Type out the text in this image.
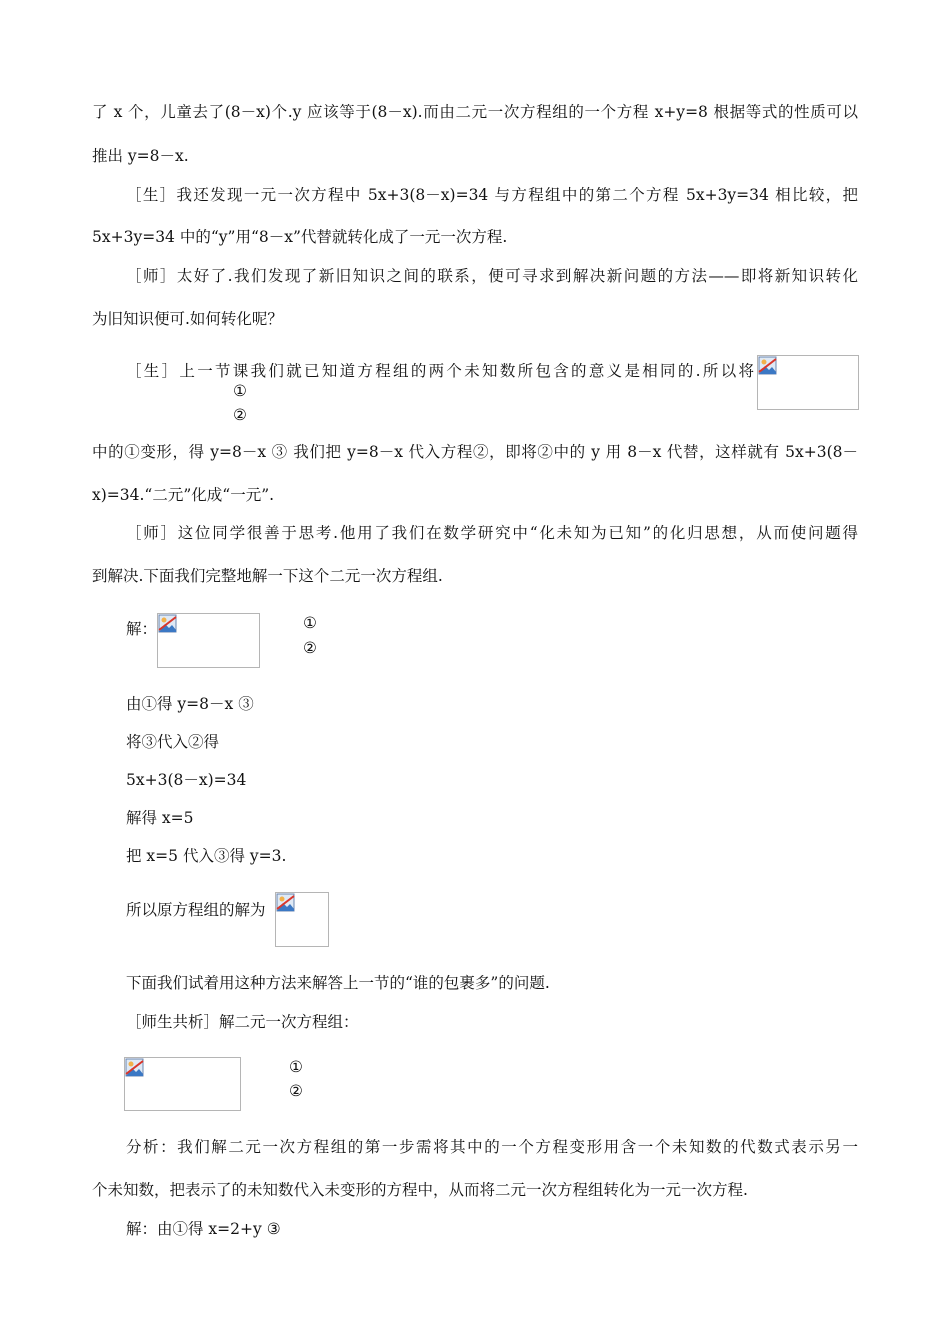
了 x 个，儿童去了(8－x)个.y 应该等于(8－x).而由二元一次方程组的一个方程 x+y=8 根据等式的性质可以
推出 y=8－x.
［生］我还发现一元一次方程中 5x+3(8－x)=34 与方程组中的第二个方程 5x+3y=34 相比较，把
5x+3y=34 中的“y”用“8－x”代替就转化成了一元一次方程.
［师］太好了.我们发现了新旧知识之间的联系，便可寻求到解决新问题的方法——即将新知识转化
为旧知识便可.如何转化呢？
［生］上一节课我们就已知道方程组的两个未知数所包含的意义是相同的.所以将
①
②
中的①变形，得 y=8－x ③ 我们把 y=8－x 代入方程②，即将②中的 y 用 8－x 代替，这样就有 5x+3(8－
x)=34.“二元”化成“一元”.
［师］这位同学很善于思考.他用了我们在数学研究中“化未知为已知”的化归思想，从而使问题得
到解决.下面我们完整地解一下这个二元一次方程组.
解：	①
②
由①得 y=8－x ③
将③代入②得
5x+3(8－x)=34
解得 x=5
把 x=5 代入③得 y=3.
所以原方程组的解为
下面我们试着用这种方法来解答上一节的“谁的包裹多”的问题.
［师生共析］解二元一次方程组：
①
②
分析：我们解二元一次方程组的第一步需将其中的一个方程变形用含一个未知数的代数式表示另一
个未知数，把表示了的未知数代入未变形的方程中，从而将二元一次方程组转化为一元一次方程.
解：由①得 x=2+y ③
